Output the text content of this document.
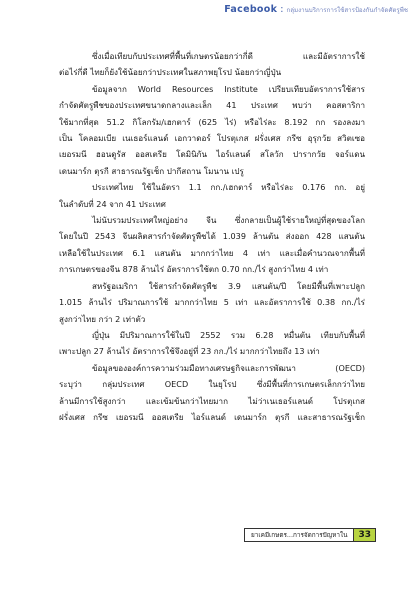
Facebook : กลุ่มงานบริการการใช้สารป้องกันกำจัดศัตรูพืช

ซึ่งเมื่อเทียบกับประเทศที่พื้นที่เกษตรน้อยกว่ากี่ดี และมีอัตราการใช้

ต่อไร่กี่ดี ไทยก็ยังใช้น้อยกว่าประเทศในสภาพยุโรป น้อยกว่าญี่ปุ่น

ข้อมูลจาก World Resources Institute เปรียบเทียบอัตราการใช้สาร

กำจัดศัตรูพืชของประเทศขนาดกลางและเล็ก 41 ประเทศ พบว่า คอสตาริกา

ใช้มากที่สุด 51.2 กิโลกรัม/เฮกตาร์ (625 ไร่) หรือไร่ละ 8.192 กก รองลงมา

เป็น โคลอมเบีย เนเธอร์แลนด์ เอกวาดอร์ โปรตุเกส ฝรั่งเศส กรีซ อุรุกวัย สวิตเซอ

เยอรมนี ฮอนดูรัส ออสเตรีย โดมินิกัน ไอร์แลนด์ สโลวัก ปารากวัย จอร์แดน

เดนมาร์ก ตุรกี สาธารณรัฐเช็ก ปากีสถาน โมนาน เปรู

ประเทศไทย ใช้ในอัตรา 1.1 กก./เฮกตาร์ หรือไร่ละ 0.176 กก. อยู่

ในลำดับที่ 24 จาก 41 ประเทศ

ไม่นับรวมประเทศใหญ่อย่าง จีน ซึ่งกลายเป็นผู้ใช้รายใหญ่ที่สุดของโลก

โดยในปี 2543 จีนผลิตสารกำจัดศัตรูพืชได้ 1.039 ล้านตัน ส่งออก 428 แสนตัน

เหลือใช้ในประเทศ 6.1 แสนตัน มากกว่าไทย 4 เท่า และเมื่อคำนวณจากพื้นที่

การเกษตรของจีน 878 ล้านไร่ อัตราการใช้ตก 0.70 กก./ไร่ สูงกว่าไทย 4 เท่า

สหรัฐอเมริกา ใช้สารกำจัดศัตรูพืช 3.9 แสนตัน/ปี โดยมีพื้นที่เพาะปลูก

1.015 ล้านไร่ ปริมาณการใช้ มากกว่าไทย 5 เท่า และอัตราการใช้ 0.38 กก./ไร่

สูงกว่าไทย กว่า 2 เท่าตัว

ญี่ปุ่น มีปริมาณการใช้ในปี 2552 รวม 6.28 หมื่นตัน เทียบกับพื้นที่

เพาะปลูก 27 ล้านไร่ อัตราการใช้จึงอยู่ที่ 23 กก./ไร่ มากกว่าไทยถึง 13 เท่า

ข้อมูลขององค์การความร่วมมือทางเศรษฐกิจและการพัฒนา (OECD)

ระบุว่า กลุ่มประเทศ OECD ในยุโรป ซึ่งมีพื้นที่การเกษตรเล็กกว่าไทย

ล้านมีการใช้สูงกว่า และเข้มข้นกว่าไทยมาก ไม่ว่าเนเธอร์แลนด์ โปรตุเกส

ฝรั่งเศส กรีซ เยอรมนี ออสเตรีย ไอร์แลนด์ เดนมาร์ก ตุรกี และสาธารณรัฐเช็ก

ยาเคมีเกษตร...การจัดการปัญหาใน	33
